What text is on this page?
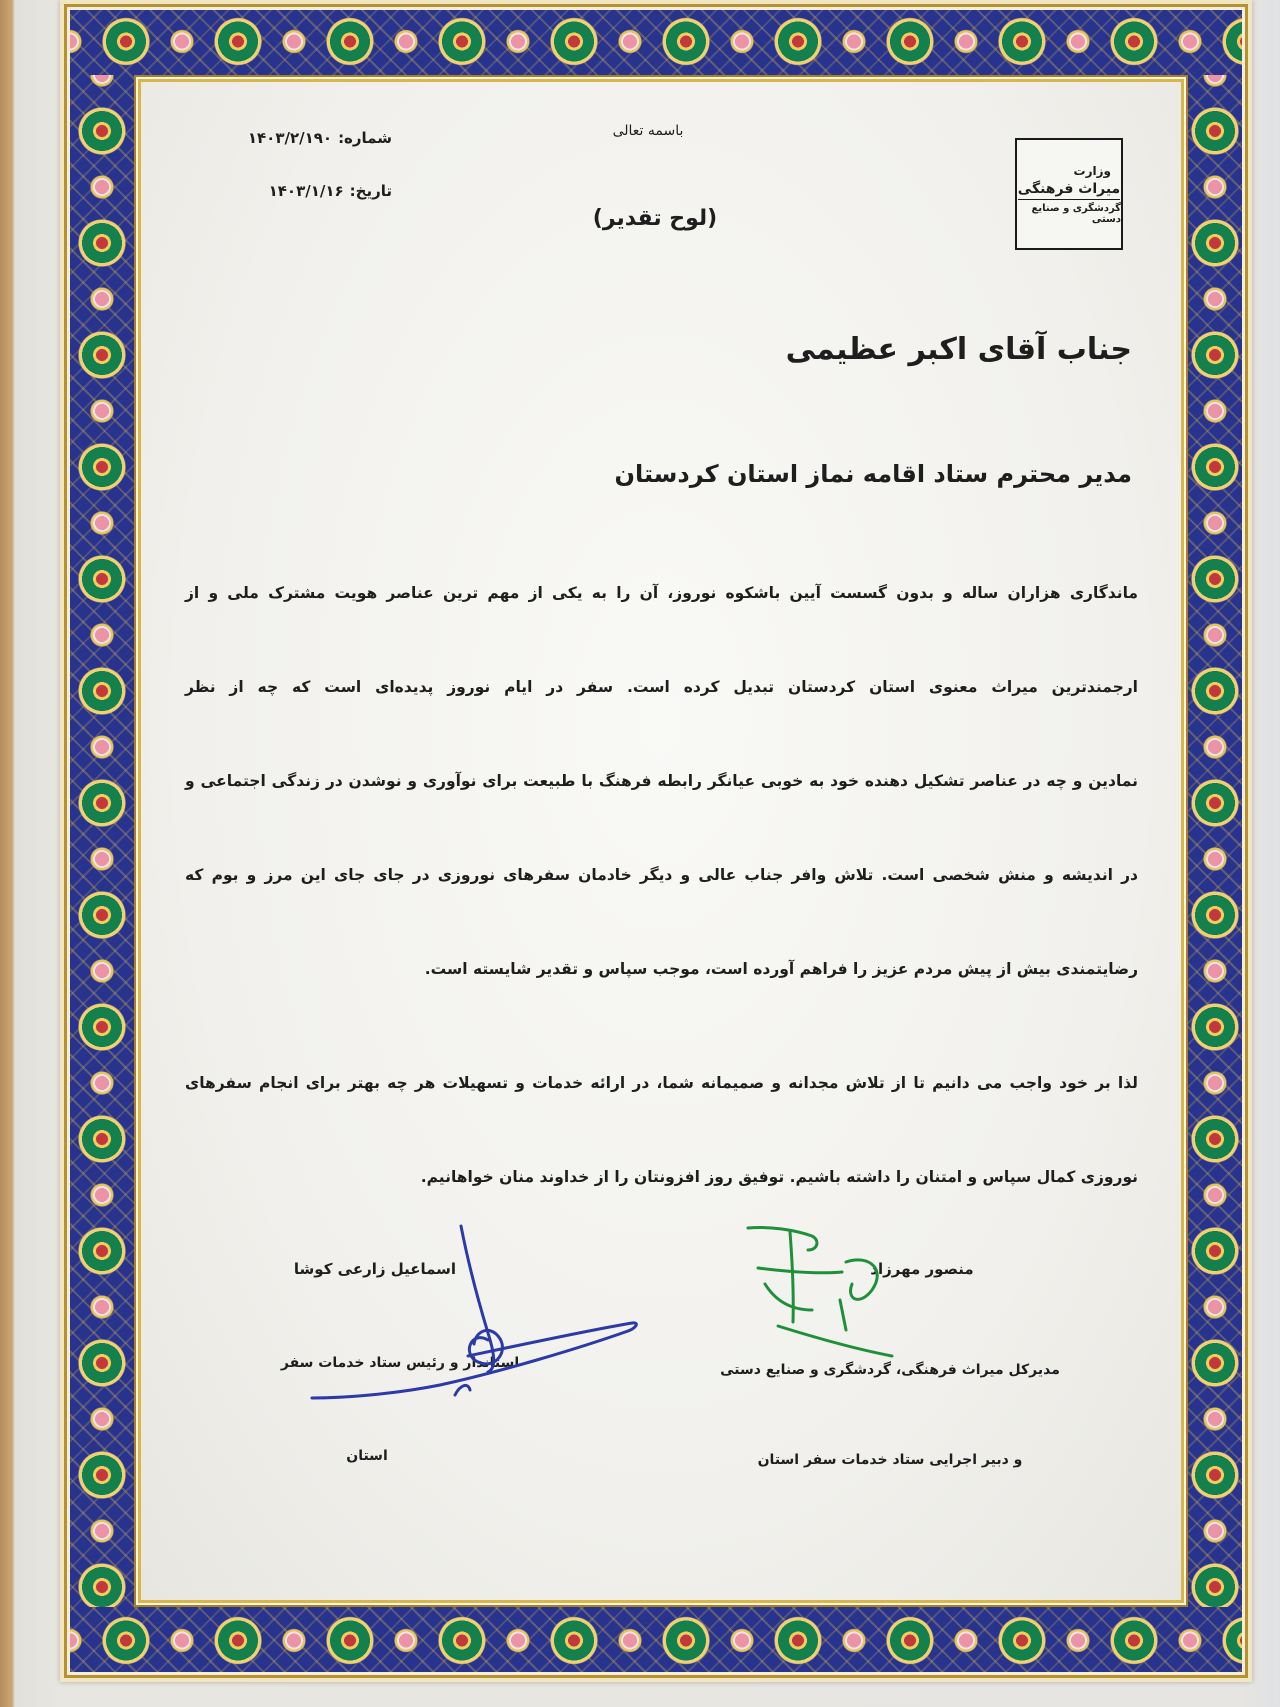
باسمه تعالی
شماره:۱۴۰۳/۲/۱۹۰
تاریخ:۱۴۰۳/۱/۱۶
(لوح تقدیر)
وزارت
میراث فرهنگی
گردشگری و صنایع دستی
جناب آقای اکبر عظیمی
مدیر محترم ستاد اقامه نماز استان کردستان
ماندگاری هزاران ساله و بدون گسست آیین باشکوه نوروز، آن را به یکی از مهم ترین عناصر هویت مشترک ملی و از
ارجمندترین میراث معنوی استان کردستان تبدیل کرده است. سفر در ایام نوروز پدیده‌ای است که چه از نظر
نمادین و چه در عناصر تشکیل دهنده خود به خوبی عیانگر رابطه فرهنگ با طبیعت برای نوآوری و نوشدن در زندگی اجتماعی و
در اندیشه و منش شخصی است. تلاش وافر جناب عالی و دیگر خادمان سفرهای نوروزی در جای جای این مرز و بوم که
رضایتمندی بیش از پیش مردم عزیز را فراهم آورده است، موجب سپاس و تقدیر شایسته است.
لذا بر خود واجب می دانیم تا از تلاش مجدانه و صمیمانه شما، در ارائه خدمات و تسهیلات هر چه بهتر برای انجام سفرهای
نوروزی کمال سپاس و امتنان را داشته باشیم. توفیق روز افزونتان را از خداوند منان خواهانیم.
منصور مهرزاد
مدیرکل میراث فرهنگی، گردشگری و صنایع دستی
و دبیر اجرایی ستاد خدمات سفر استان
اسماعیل زارعی کوشا
استاندار و رئیس ستاد خدمات سفر
استان
